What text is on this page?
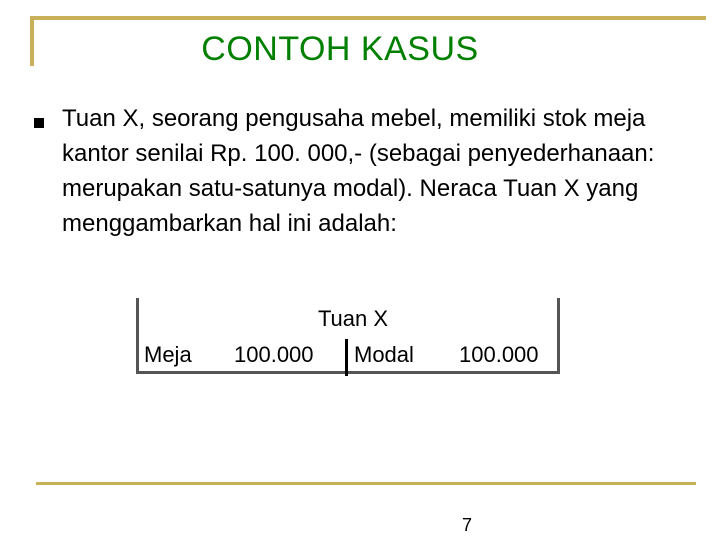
CONTOH KASUS
Tuan X, seorang pengusaha mebel, memiliki stok meja kantor senilai Rp. 100. 000,- (sebagai penyederhanaan: merupakan satu-satunya modal). Neraca Tuan X yang menggambarkan hal ini adalah:
Tuan X
Meja 100.000 Modal 100.000
7
